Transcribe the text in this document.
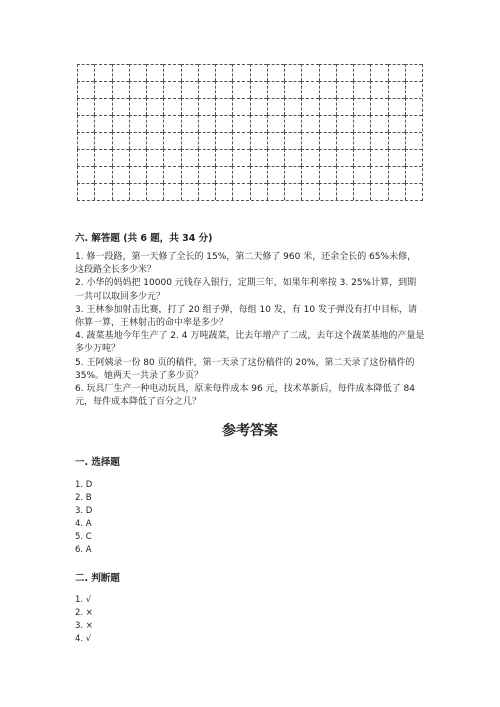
六. 解答题 (共 6 题，共 34 分)
1. 修一段路，第一天修了全长的 15%，第二天修了 960 米，还余全长的 65%未修，这段路全长多少米？
2. 小华的妈妈把 10000 元钱存入银行，定期三年，如果年利率按 3. 25%计算，到期一共可以取回多少元？
3. 王林参加射击比赛，打了 20 组子弹，每组 10 发，有 10 发子弹没有打中目标，请你算一算，王林射击的命中率是多少？
4. 蔬菜基地今年生产了 2. 4 万吨蔬菜，比去年增产了二成，去年这个蔬菜基地的产量是多少万吨？
5. 王阿姨录一份 80 页的稿件，第一天录了这份稿件的 20%，第二天录了这份稿件的 35%。她两天一共录了多少页？
6. 玩具厂生产一种电动玩具，原来每件成本 96 元，技术革新后，每件成本降低了 84 元，每件成本降低了百分之几？
参考答案
一. 选择题
1. D
2. B
3. D
4. A
5. C
6. A
二. 判断题
1. √
2. ×
3. ×
4. √
